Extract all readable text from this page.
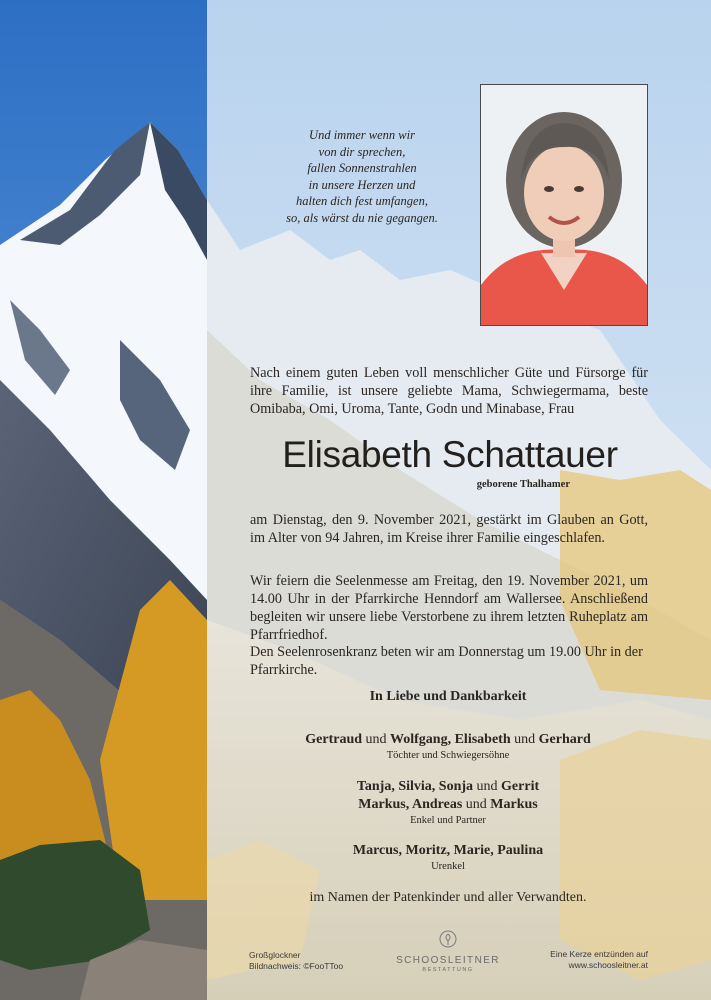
Und immer wenn wir
von dir sprechen,
fallen Sonnenstrahlen
in unsere Herzen und
halten dich fest umfangen,
so, als wärst du nie gegangen.
Nach einem guten Leben voll menschlicher Güte und Fürsorge für ihre Familie, ist unsere geliebte Mama, Schwiegermama, beste Omibaba, Omi, Uroma, Tante, Godn und Minabase, Frau
Elisabeth Schattauer
geborene Thalhamer
am Dienstag, den 9. November 2021, gestärkt im Glauben an Gott, im Alter von 94 Jahren, im Kreise ihrer Familie eingeschlafen.
Wir feiern die Seelenmesse am Freitag, den 19. November 2021, um 14.00 Uhr in der Pfarrkirche Henndorf am Wallersee. Anschließend begleiten wir unsere liebe Verstorbene zu ihrem letzten Ruheplatz am Pfarrfriedhof.
Den Seelenrosenkranz beten wir am Donnerstag um 19.00 Uhr in der Pfarrkirche.
In Liebe und Dankbarkeit
Gertraud und Wolfgang, Elisabeth und Gerhard
Töchter und Schwiegersöhne
Tanja, Silvia, Sonja und Gerrit
Markus, Andreas und Markus
Enkel und Partner
Marcus, Moritz, Marie, Paulina
Urenkel
im Namen der Patenkinder und aller Verwandten.
Großglockner
Bildnachweis: ©FooTToo	SCHOOSLEITNER
BESTATTUNG
Eine Kerze entzünden auf
www.schoosleitner.at
